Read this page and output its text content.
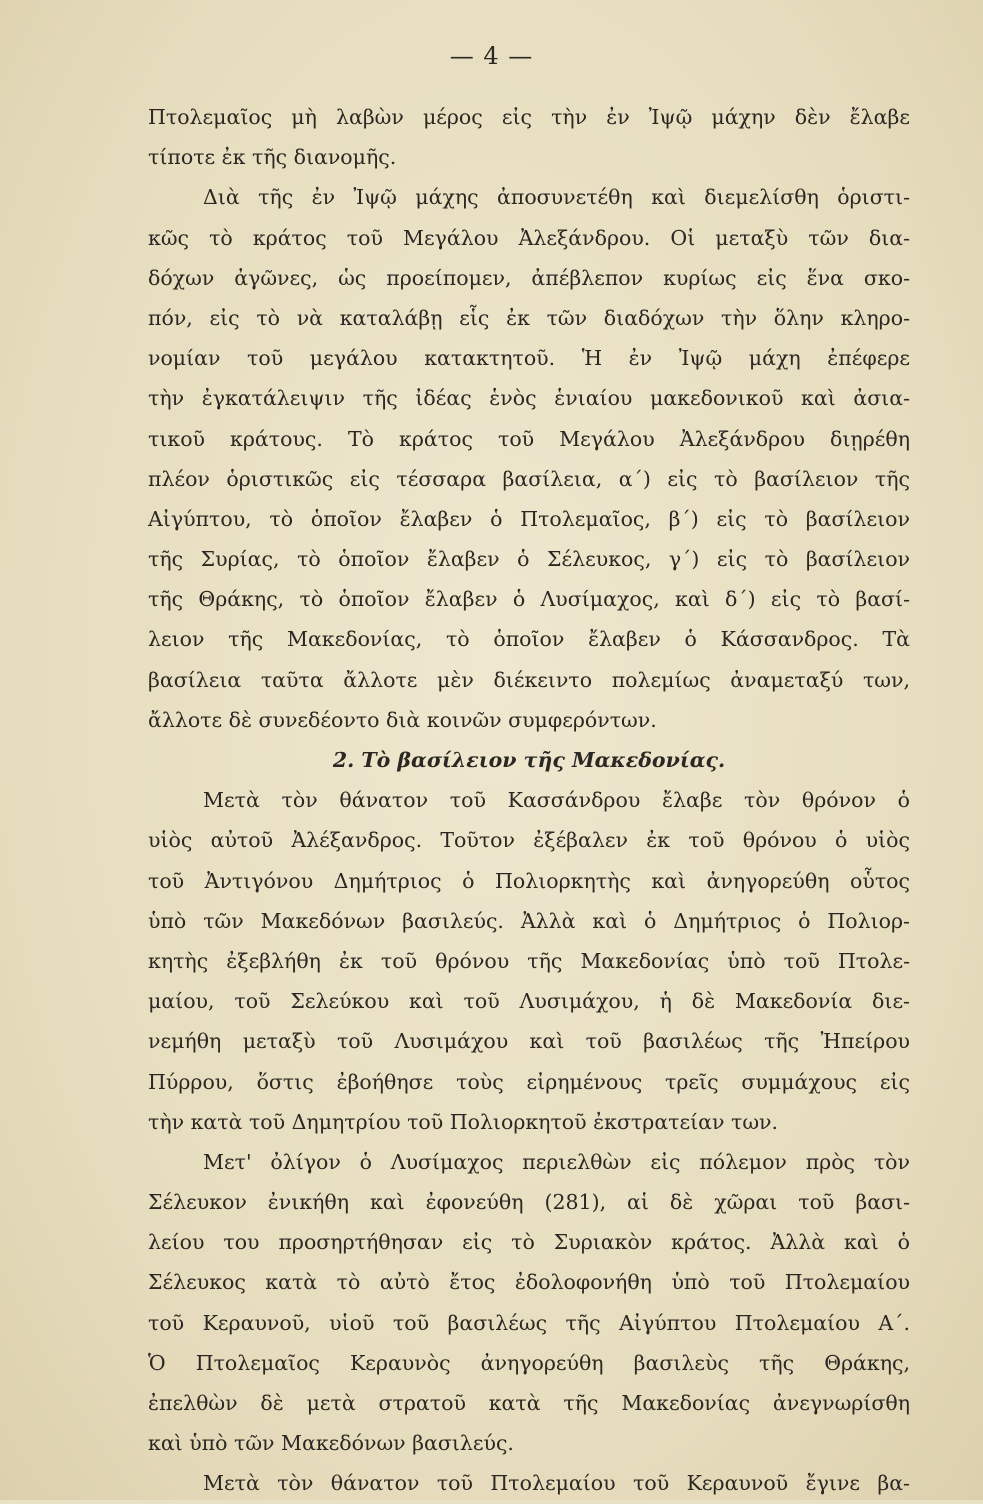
— 4 —
Πτολεμαῖος μὴ λαβὼν μέρος εἰς τὴν ἐν Ἰψῷ μάχην δὲν ἔλαβε
τίποτε ἐκ τῆς διανομῆς.
Διὰ τῆς ἐν Ἰψῷ μάχης ἀποσυνετέθη καὶ διεμελίσθη ὁριστι-
κῶς τὸ κράτος τοῦ Μεγάλου Ἀλεξάνδρου. Οἱ μεταξὺ τῶν δια-
δόχων ἀγῶνες, ὡς προείπομεν, ἀπέβλεπον κυρίως εἰς ἕνα σκο-
πόν, εἰς τὸ νὰ καταλάβῃ εἷς ἐκ τῶν διαδόχων τὴν ὅλην κληρο-
νομίαν τοῦ μεγάλου κατακτητοῦ. Ἡ ἐν Ἰψῷ μάχη ἐπέφερε
τὴν ἐγκατάλειψιν τῆς ἰδέας ἑνὸς ἑνιαίου μακεδονικοῦ καὶ ἀσια-
τικοῦ κράτους. Τὸ κράτος τοῦ Μεγάλου Ἀλεξάνδρου διῃρέθη
πλέον ὁριστικῶς εἰς τέσσαρα βασίλεια, α΄) εἰς τὸ βασίλειον τῆς
Αἰγύπτου, τὸ ὁποῖον ἔλαβεν ὁ Πτολεμαῖος, β΄) εἰς τὸ βασίλειον
τῆς Συρίας, τὸ ὁποῖον ἔλαβεν ὁ Σέλευκος, γ΄) εἰς τὸ βασίλειον
τῆς Θράκης, τὸ ὁποῖον ἔλαβεν ὁ Λυσίμαχος, καὶ δ΄) εἰς τὸ βασί-
λειον τῆς Μακεδονίας, τὸ ὁποῖον ἔλαβεν ὁ Κάσσανδρος. Τὰ
βασίλεια ταῦτα ἄλλοτε μὲν διέκειντο πολεμίως ἀναμεταξύ των,
ἄλλοτε δὲ συνεδέοντο διὰ κοινῶν συμφερόντων.
2. Τὸ βασίλειον τῆς Μακεδονίας.
Μετὰ τὸν θάνατον τοῦ Κασσάνδρου ἔλαβε τὸν θρόνον ὁ
υἱὸς αὐτοῦ Ἀλέξανδρος. Τοῦτον ἐξέβαλεν ἐκ τοῦ θρόνου ὁ υἱὸς
τοῦ Ἀντιγόνου Δημήτριος ὁ Πολιορκητὴς καὶ ἀνηγορεύθη οὗτος
ὑπὸ τῶν Μακεδόνων βασιλεύς. Ἀλλὰ καὶ ὁ Δημήτριος ὁ Πολιορ-
κητὴς ἐξεβλήθη ἐκ τοῦ θρόνου τῆς Μακεδονίας ὑπὸ τοῦ Πτολε-
μαίου, τοῦ Σελεύκου καὶ τοῦ Λυσιμάχου, ἡ δὲ Μακεδονία διε-
νεμήθη μεταξὺ τοῦ Λυσιμάχου καὶ τοῦ βασιλέως τῆς Ἠπείρου
Πύρρου, ὅστις ἐβοήθησε τοὺς εἰρημένους τρεῖς συμμάχους εἰς
τὴν κατὰ τοῦ Δημητρίου τοῦ Πολιορκητοῦ ἐκστρατείαν των.
Μετ' ὀλίγον ὁ Λυσίμαχος περιελθὼν εἰς πόλεμον πρὸς τὸν
Σέλευκον ἐνικήθη καὶ ἐφονεύθη (281), αἱ δὲ χῶραι τοῦ βασι-
λείου του προσηρτήθησαν εἰς τὸ Συριακὸν κράτος. Ἀλλὰ καὶ ὁ
Σέλευκος κατὰ τὸ αὐτὸ ἔτος ἐδολοφονήθη ὑπὸ τοῦ Πτολεμαίου
τοῦ Κεραυνοῦ, υἱοῦ τοῦ βασιλέως τῆς Αἰγύπτου Πτολεμαίου Α΄.
Ὁ Πτολεμαῖος Κεραυνὸς ἀνηγορεύθη βασιλεὺς τῆς Θράκης,
ἐπελθὼν δὲ μετὰ στρατοῦ κατὰ τῆς Μακεδονίας ἀνεγνωρίσθη
καὶ ὑπὸ τῶν Μακεδόνων βασιλεύς.
Μετὰ τὸν θάνατον τοῦ Πτολεμαίου τοῦ Κεραυνοῦ ἔγινε βα-
